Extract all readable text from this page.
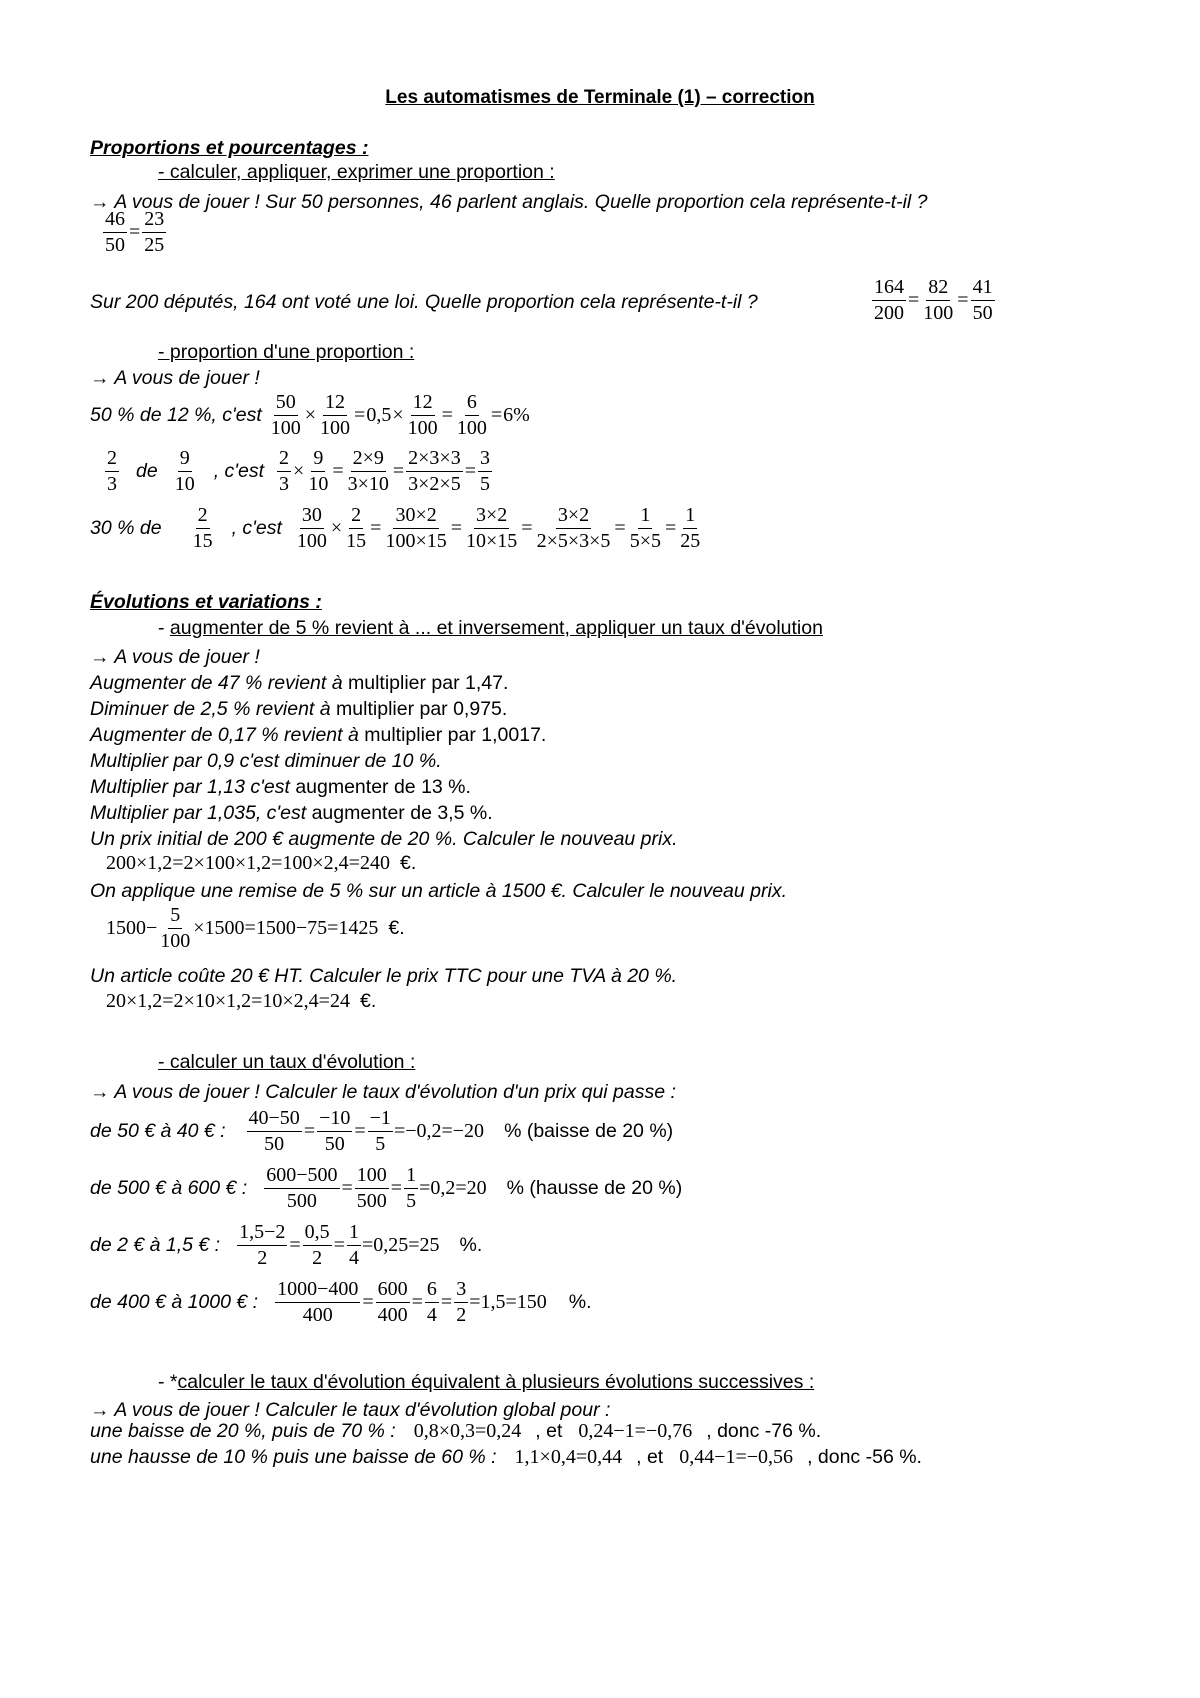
Les automatismes de Terminale (1) – correction
Proportions et pourcentages :
- calculer, appliquer, exprimer une proportion :
→ A vous de jouer ! Sur 50 personnes, 46 parlent anglais. Quelle proportion cela représente-t-il ?
$\frac{46}{50} = \frac{23}{25}$
Sur 200 députés, 164 ont voté une loi. Quelle proportion cela représente-t-il ?	$\frac{164}{200} = \frac{82}{100} = \frac{41}{50}$
- proportion d'une proportion :
→ A vous de jouer !
50 % de 12 %, $c'est \frac{50}{100} \times \frac{12}{100} = 0,5 \times \frac{12}{100} = \frac{6}{100} = 6\%$
$\frac{2}{3}$ de $\frac{9}{10}$ , $c'est \frac{2}{3} \times \frac{9}{10} = \frac{2\times 9}{3\times 10} = \frac{2\times 3\times 3}{3\times 2\times 5} = \frac{3}{5}$
30 % de $\frac{2}{15}$ , $c'est \frac{30}{100} \times \frac{2}{15} = \frac{30\times 2}{100\times 15} = \frac{3\times 2}{10\times 15} = \frac{3\times 2}{2\times 5\times 3\times 5} = \frac{1}{5\times 5} = \frac{1}{25}$
Évolutions et variations :
- augmenter de 5 % revient à ... et inversement, appliquer un taux d'évolution
→ A vous de jouer !
Augmenter de 47 % revient à multiplier par 1,47.
Diminuer de 2,5 % revient à multiplier par 0,975.
Augmenter de 0,17 % revient à multiplier par 1,0017.
Multiplier par 0,9 c'est diminuer de 10 %.
Multiplier par 1,13 c'est augmenter de 13 %.
Multiplier par 1,035, c'est augmenter de 3,5 %.
Un prix initial de 200 € augmente de 20 %. Calculer le nouveau prix.
200×1,2=2×100×1,2=100×2,4=240 €.
On applique une remise de 5 % sur un article à 1500 €. Calculer le nouveau prix.
$1500- \frac{5}{100} \times 1500=1500-75=1425$ €.
Un article coûte 20 € HT. Calculer le prix TTC pour une TVA à 20 %.
20×1,2=2×10×1,2=10×2,4=24 €.
- calculer un taux d'évolution :
→ A vous de jouer ! Calculer le taux d'évolution d'un prix qui passe :
de 50 € à 40 € : $\frac{40-50}{50} = \frac{-10}{50} = \frac{-1}{5} =-0,2=-20$ % (baisse de 20 %)
de 500 € à 600 € : $\frac{600-500}{500} = \frac{100}{500} = \frac{1}{5} =0,2=20$ % (hausse de 20 %)
de 2 € à 1,5 € : $\frac{1,5-2}{2} = \frac{0,5}{2} = \frac{1}{4} =0,25=25$ %.
de 400 € à 1000 € : $\frac{1000-400}{400} = \frac{600}{400} = \frac{6}{4} = \frac{3}{2} =1,5=150$ %.
- *calculer le taux d'évolution équivalent à plusieurs évolutions successives :
→ A vous de jouer ! Calculer le taux d'évolution global pour :
une baisse de 20 %, puis de 70 % : 0,8×0,3=0,24 , et 0,24−1=−0,76 , donc -76 %.
une hausse de 10 % puis une baisse de 60 % : 1,1×0,4=0,44 , et 0,44−1=−0,56 , donc -56 %.
